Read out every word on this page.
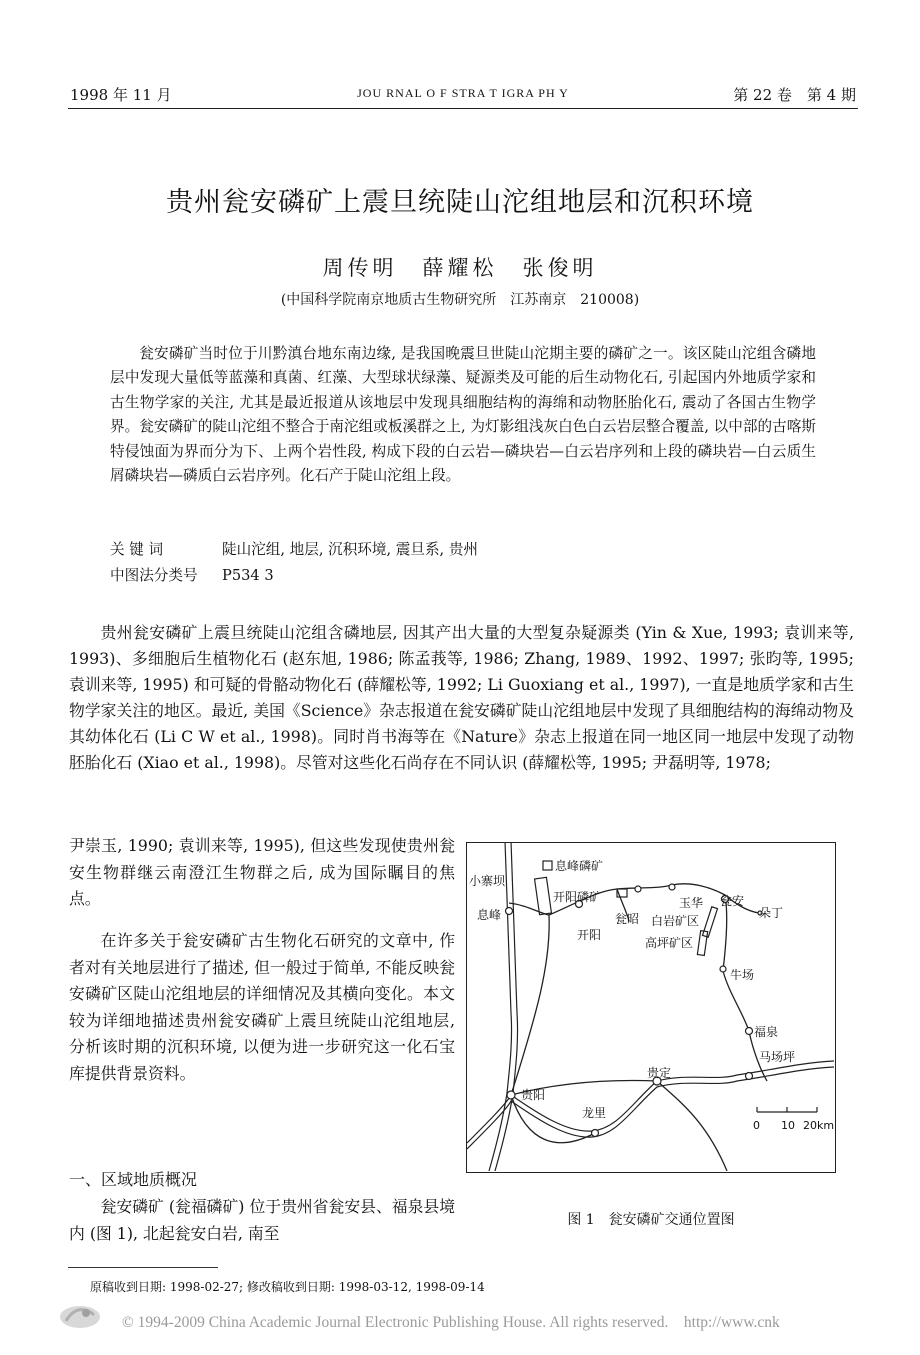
1998 年 11 月	JOU RNAL O F STRA T IGRA PH Y	第 22 卷　第 4 期
贵州瓮安磷矿上震旦统陡山沱组地层和沉积环境
周传明　薛耀松　张俊明
(中国科学院南京地质古生物研究所　江苏南京　210008)

瓮安磷矿当时位于川黔滇台地东南边缘, 是我国晚震旦世陡山沱期主要的磷矿之一。该区陡山沱组含磷地层中发现大量低等蓝藻和真菌、红藻、大型球状绿藻、疑源类及可能的后生动物化石, 引起国内外地质学家和古生物学家的关注, 尤其是最近报道从该地层中发现具细胞结构的海绵和动物胚胎化石, 震动了各国古生物学界。瓮安磷矿的陡山沱组不整合于南沱组或板溪群之上, 为灯影组浅灰白色白云岩层整合覆盖, 以中部的古喀斯特侵蚀面为界而分为下、上两个岩性段, 构成下段的白云岩—磷块岩—白云岩序列和上段的磷块岩—白云质生屑磷块岩—磷质白云岩序列。化石产于陡山沱组上段。

关 键 词	陡山沱组, 地层, 沉积环境, 震旦系, 贵州
中图法分类号 P534 3

贵州瓮安磷矿上震旦统陡山沱组含磷地层, 因其产出大量的大型复杂疑源类 (Yin & Xue, 1993; 袁训来等, 1993)、多细胞后生植物化石 (赵东旭, 1986; 陈孟莪等, 1986; Zhang, 1989、1992、1997; 张昀等, 1995; 袁训来等, 1995) 和可疑的骨骼动物化石 (薛耀松等, 1992; Li Guoxiang et al., 1997), 一直是地质学家和古生物学家关注的地区。最近, 美国《Science》杂志报道在瓮安磷矿陡山沱组地层中发现了具细胞结构的海绵动物及其幼体化石 (Li C W et al., 1998)。同时肖书海等在《Nature》杂志上报道在同一地区同一地层中发现了动物胚胎化石 (Xiao et al., 1998)。尽管对这些化石尚存在不同认识 (薛耀松等, 1995; 尹磊明等, 1978;

尹崇玉, 1990; 袁训来等, 1995), 但这些发现使贵州瓮安生物群继云南澄江生物群之后, 成为国际瞩目的焦点。

在许多关于瓮安磷矿古生物化石研究的文章中, 作者对有关地层进行了描述, 但一般过于简单, 不能反映瓮安磷矿区陡山沱组地层的详细情况及其横向变化。本文较为详细地描述贵州瓮安磷矿上震旦统陡山沱组地层, 分析该时期的沉积环境, 以便为进一步研究这一化石宝库提供背景资料。

一、区域地质概况

瓮安磷矿 (瓮福磷矿) 位于贵州省瓮安县、福泉县境内 (图 1), 北起瓮安白岩, 南至

息峰磷矿
小寨坝
息峰
开阳磷矿
开阳
瓮昭
玉华 瓮安
白岩矿区
高坪矿区
朵丁
牛场
福泉
马场坪
贵定
贵阳
龙里
0 10 20km
图 1　瓮安磷矿交通位置图
原稿收到日期: 1998-02-27; 修改稿收到日期: 1998-03-12, 1998-09-14
© 1994-2009 China Academic Journal Electronic Publishing House. All rights reserved.　http://www.cnk
